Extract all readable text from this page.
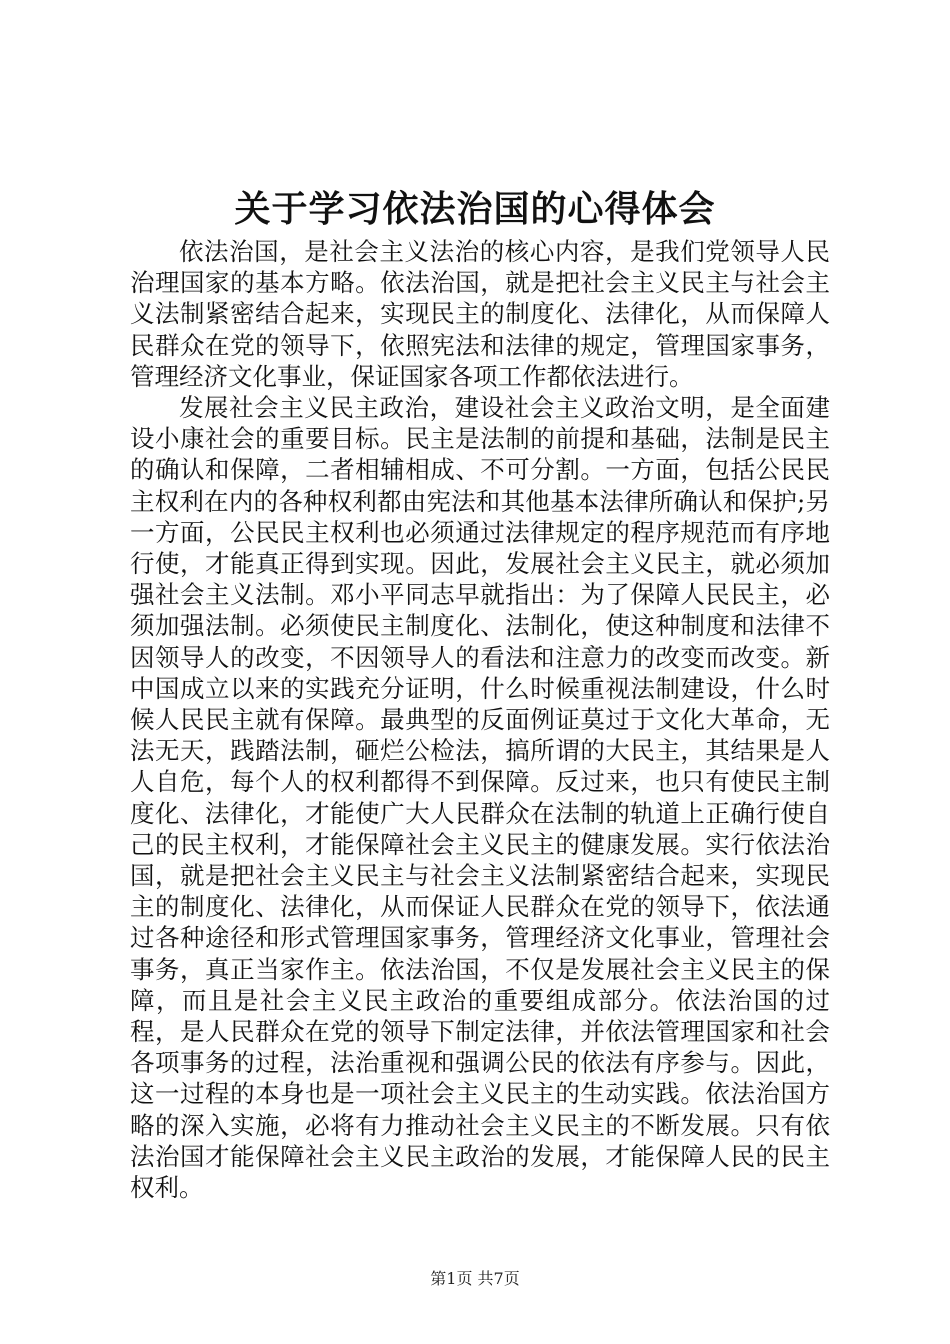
关于学习依法治国的心得体会

依法治国，是社会主义法治的核心内容，是我们党领导人民治理国家的基本方略。依法治国，就是把社会主义民主与社会主义法制紧密结合起来，实现民主的制度化、法律化，从而保障人民群众在党的领导下，依照宪法和法律的规定，管理国家事务，管理经济文化事业，保证国家各项工作都依法进行。

发展社会主义民主政治，建设社会主义政治文明，是全面建设小康社会的重要目标。民主是法制的前提和基础，法制是民主的确认和保障，二者相辅相成、不可分割。一方面，包括公民民主权利在内的各种权利都由宪法和其他基本法律所确认和保护;另一方面，公民民主权利也必须通过法律规定的程序规范而有序地行使，才能真正得到实现。因此，发展社会主义民主，就必须加强社会主义法制。邓小平同志早就指出：为了保障人民民主，必须加强法制。必须使民主制度化、法制化，使这种制度和法律不因领导人的改变，不因领导人的看法和注意力的改变而改变。新中国成立以来的实践充分证明，什么时候重视法制建设，什么时候人民民主就有保障。最典型的反面例证莫过于文化大革命，无法无天，践踏法制，砸烂公检法，搞所谓的大民主，其结果是人人自危，每个人的权利都得不到保障。反过来，也只有使民主制度化、法律化，才能使广大人民群众在法制的轨道上正确行使自己的民主权利，才能保障社会主义民主的健康发展。实行依法治国，就是把社会主义民主与社会主义法制紧密结合起来，实现民主的制度化、法律化，从而保证人民群众在党的领导下，依法通过各种途径和形式管理国家事务，管理经济文化事业，管理社会事务，真正当家作主。依法治国，不仅是发展社会主义民主的保障，而且是社会主义民主政治的重要组成部分。依法治国的过程，是人民群众在党的领导下制定法律，并依法管理国家和社会各项事务的过程，法治重视和强调公民的依法有序参与。因此，这一过程的本身也是一项社会主义民主的生动实践。依法治国方略的深入实施，必将有力推动社会主义民主的不断发展。只有依法治国才能保障社会主义民主政治的发展，才能保障人民的民主权利。

第1页 共7页
